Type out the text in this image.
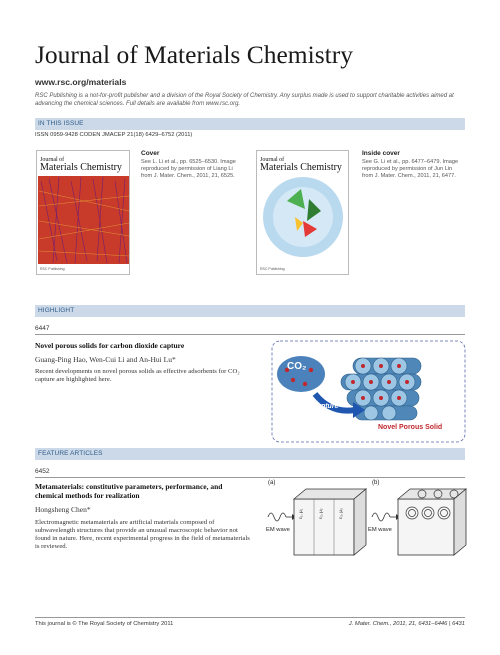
Journal of Materials Chemistry
www.rsc.org/materials
RSC Publishing is a not-for-profit publisher and a division of the Royal Society of Chemistry. Any surplus made is used to support charitable activities aimed at advancing the chemical sciences. Full details are available from www.rsc.org.
IN THIS ISSUE
ISSN 0959-9428 CODEN JMACEP 21(18) 6429–6752 (2011)
Journal of
Materials Chemistry
RSC Publishing
Cover
See L. Li et al., pp. 6525–6530. Image reproduced by permission of Liang Li from J. Mater. Chem., 2011, 21, 6525.
Journal of
Materials Chemistry
RSC Publishing
Inside cover
See G. Li et al., pp. 6477–6479. Image reproduced by permission of Jun Lin from J. Mater. Chem., 2011, 21, 6477.
HIGHLIGHT
6447
Novel porous solids for carbon dioxide capture
Guang-Ping Hao, Wen-Cui Li and An-Hui Lu*
Recent developments on novel porous solids as effective adsorbents for CO₂ capture are highlighted here.
CO₂
Capture
Novel Porous Solid
FEATURE ARTICLES
6452
Metamaterials: constitutive parameters, performance, and chemical methods for realization
Hongsheng Chen*
Electromagnetic metamaterials are artificial materials composed of subwavelength structures that provide an unusual macroscopic behavior not found in nature. Here, recent experimental progress in the field of metamaterials is reviewed.
(a)	(b)
EM wave	EM wave
ε₁, μ₁	ε₂, μ₂	ε₃, μ₃
This journal is © The Royal Society of Chemistry 2011	J. Mater. Chem., 2011, 21, 6431–6446 | 6431
